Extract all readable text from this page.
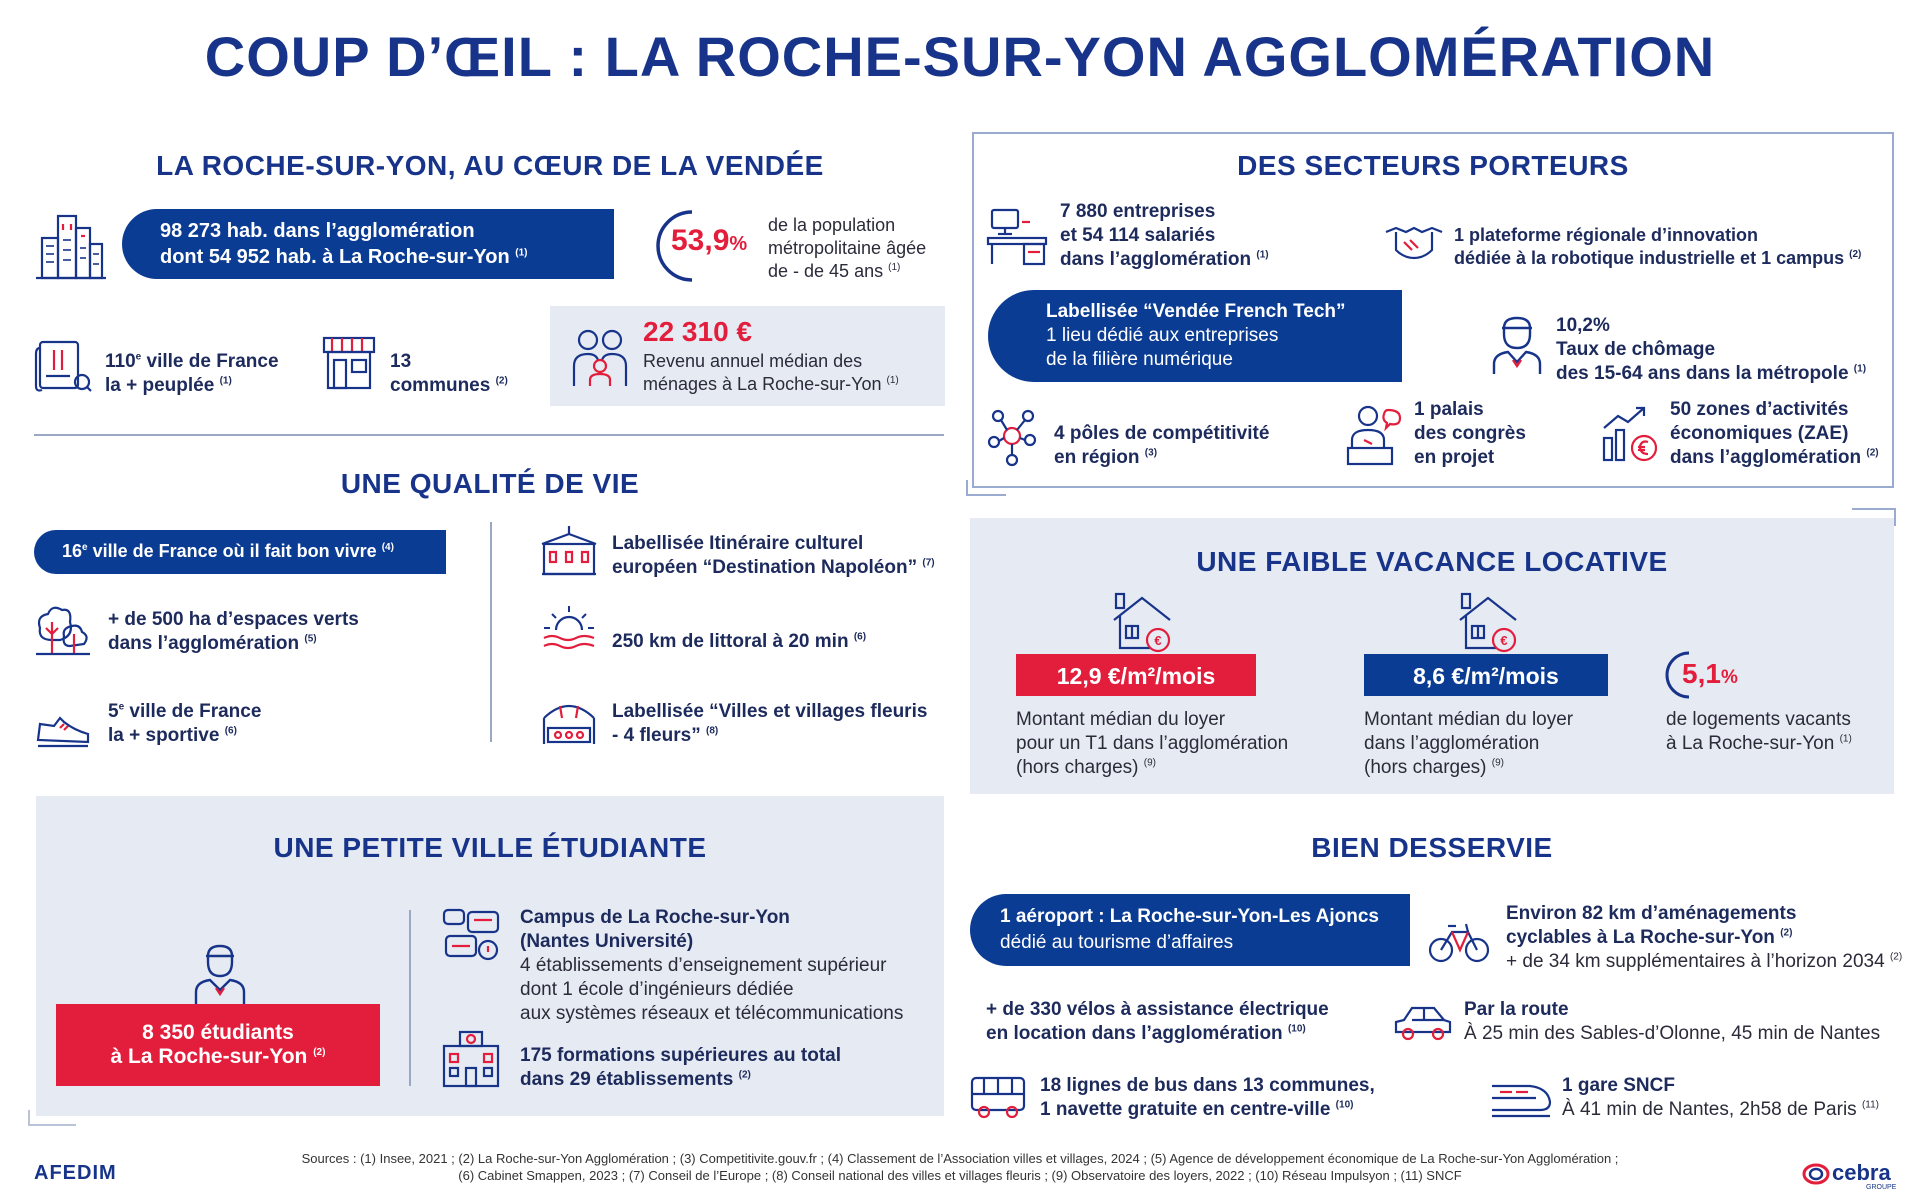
COUP D’ŒIL : LA ROCHE-SUR-YON AGGLOMÉRATION
LA ROCHE-SUR-YON, AU CŒUR DE LA VENDÉE
98 273 hab. dans l’agglomération
dont 54 952 hab. à La Roche-sur-Yon $^{(1)}$	53,9%
de la population
métropolitaine âgée
de - de 45 ans $^{(1)}$
110e ville de France
la + peuplée $^{(1)}$
13
communes $^{(2)}$
22 310 €
Revenu annuel médian des
ménages à La Roche-sur-Yon $^{(1)}$
UNE QUALITÉ DE VIE
16e ville de France où il fait bon vivre $^{(4)}$
+ de 500 ha d’espaces verts
dans l’agglomération $^{(5)}$
5e ville de France
la + sportive $^{(6)}$
Labellisée Itinéraire culturel
européen “Destination Napoléon” $^{(7)}$
250 km de littoral à 20 min $^{(6)}$
Labellisée “Villes et villages fleuris
- 4 fleurs” $^{(8)}$
UNE PETITE VILLE ÉTUDIANTE
8 350 étudiants
à La Roche-sur-Yon $^{(2)}$
Campus de La Roche-sur-Yon
(Nantes Université)
4 établissements d’enseignement supérieur
dont 1 école d’ingénieurs dédiée
aux systèmes réseaux et télécommunications
175 formations supérieures au total
dans 29 établissements $^{(2)}$
DES SECTEURS PORTEURS
7 880 entreprises
et 54 114 salariés
dans l’agglomération $^{(1)}$
1 plateforme régionale d’innovation
dédiée à la robotique industrielle et 1 campus $^{(2)}$
Labellisée “Vendée French Tech”
1 lieu dédié aux entreprises
de la filière numérique
10,2%
Taux de chômage
des 15-64 ans dans la métropole $^{(1)}$
4 pôles de compétitivité
en région $^{(3)}$
1 palais
des congrès
en projet
50 zones d’activités
économiques (ZAE)
dans l’agglomération $^{(2)}$
UNE FAIBLE VACANCE LOCATIVE
€
12,9 €/m²/mois
Montant médian du loyer
pour un T1 dans l’agglomération
(hors charges) $^{(9)}$
€
8,6 €/m²/mois
Montant médian du loyer
dans l’agglomération
(hors charges) $^{(9)}$
5,1%
de logements vacants
à La Roche-sur-Yon $^{(1)}$
BIEN DESSERVIE
1 aéroport : La Roche-sur-Yon-Les Ajoncs
dédié au tourisme d’affaires
Environ 82 km d’aménagements
cyclables à La Roche-sur-Yon $^{(2)}$
+ de 34 km supplémentaires à l’horizon 2034 $^{(2)}$
+ de 330 vélos à assistance électrique
en location dans l’agglomération $^{(10)}$
Par la route
À 25 min des Sables-d’Olonne, 45 min de Nantes
18 lignes de bus dans 13 communes,
1 navette gratuite en centre-ville $^{(10)}$
1 gare SNCF
À 41 min de Nantes, 2h58 de Paris $^{(11)}$
AFEDIM
Sources : (1) Insee, 2021 ; (2) La Roche-sur-Yon Agglomération ; (3) Competitivite.gouv.fr ; (4) Classement de l’Association villes et villages, 2024 ; (5) Agence de développement économique de La Roche-sur-Yon Agglomération ;
(6) Cabinet Smappen, 2023 ; (7) Conseil de l’Europe ; (8) Conseil national des villes et villages fleuris ; (9) Observatoire des loyers, 2022 ; (10) Réseau Impulsyon ; (11) SNCF	cebra
GROUPE
